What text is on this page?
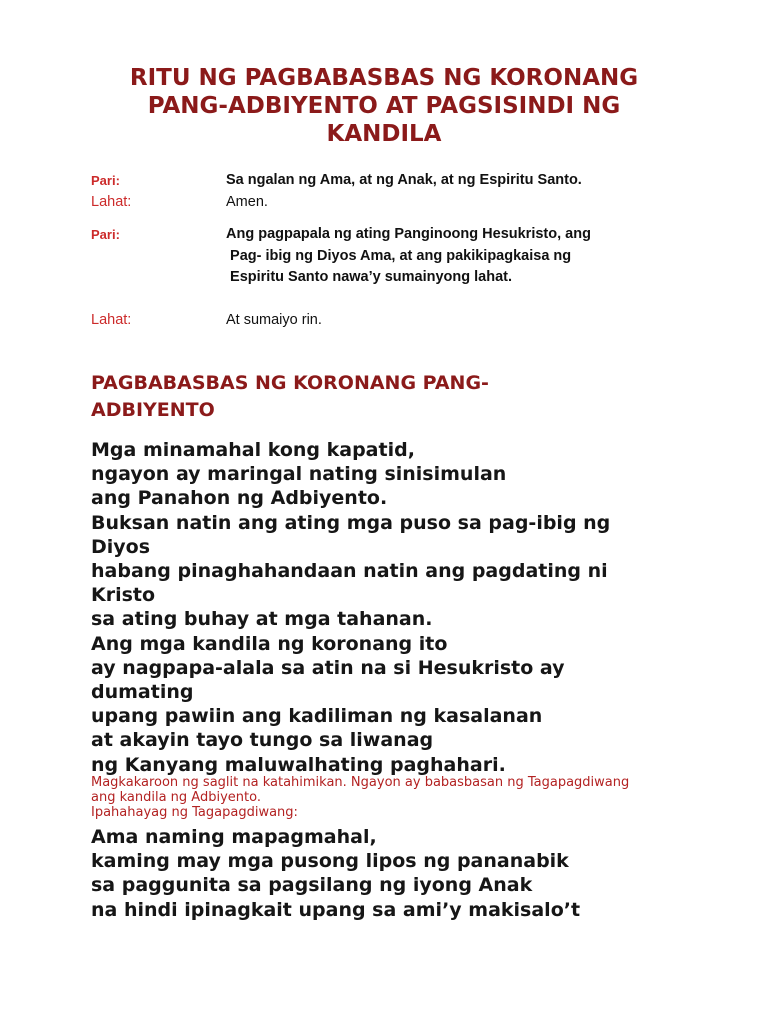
RITU NG PAGBABASBAS NG KORONANG
PANG-ADBIYENTO AT PAGSISINDI NG
KANDILA
Pari:	Sa ngalan ng Ama, at ng Anak, at ng Espiritu Santo.
Lahat:	Amen.
Pari:	Ang pagpapala ng ating Panginoong Hesukristo, ang
Pag- ibig ng Diyos Ama, at ang pakikipagkaisa ng
Espiritu Santo nawa’y sumainyong lahat.
Lahat:	At sumaiyo rin.
PAGBABASBAS NG KORONANG PANG-
ADBIYENTO
Mga minamahal kong kapatid,
ngayon ay maringal nating sinisimulan
ang Panahon ng Adbiyento.
Buksan natin ang ating mga puso sa pag-ibig ng
Diyos
habang pinaghahandaan natin ang pagdating ni
Kristo
sa ating buhay at mga tahanan.
Ang mga kandila ng koronang ito
ay nagpapa-alala sa atin na si Hesukristo ay
dumating
upang pawiin ang kadiliman ng kasalanan
at akayin tayo tungo sa liwanag
ng Kanyang maluwalhating paghahari.
Magkakaroon ng saglit na katahimikan. Ngayon ay babasbasan ng Tagapagdiwang
ang kandila ng Adbiyento.
Ipahahayag ng Tagapagdiwang:
Ama naming mapagmahal,
kaming may mga pusong lipos ng pananabik
sa paggunita sa pagsilang ng iyong Anak
na hindi ipinagkait upang sa ami’y makisalo’t
